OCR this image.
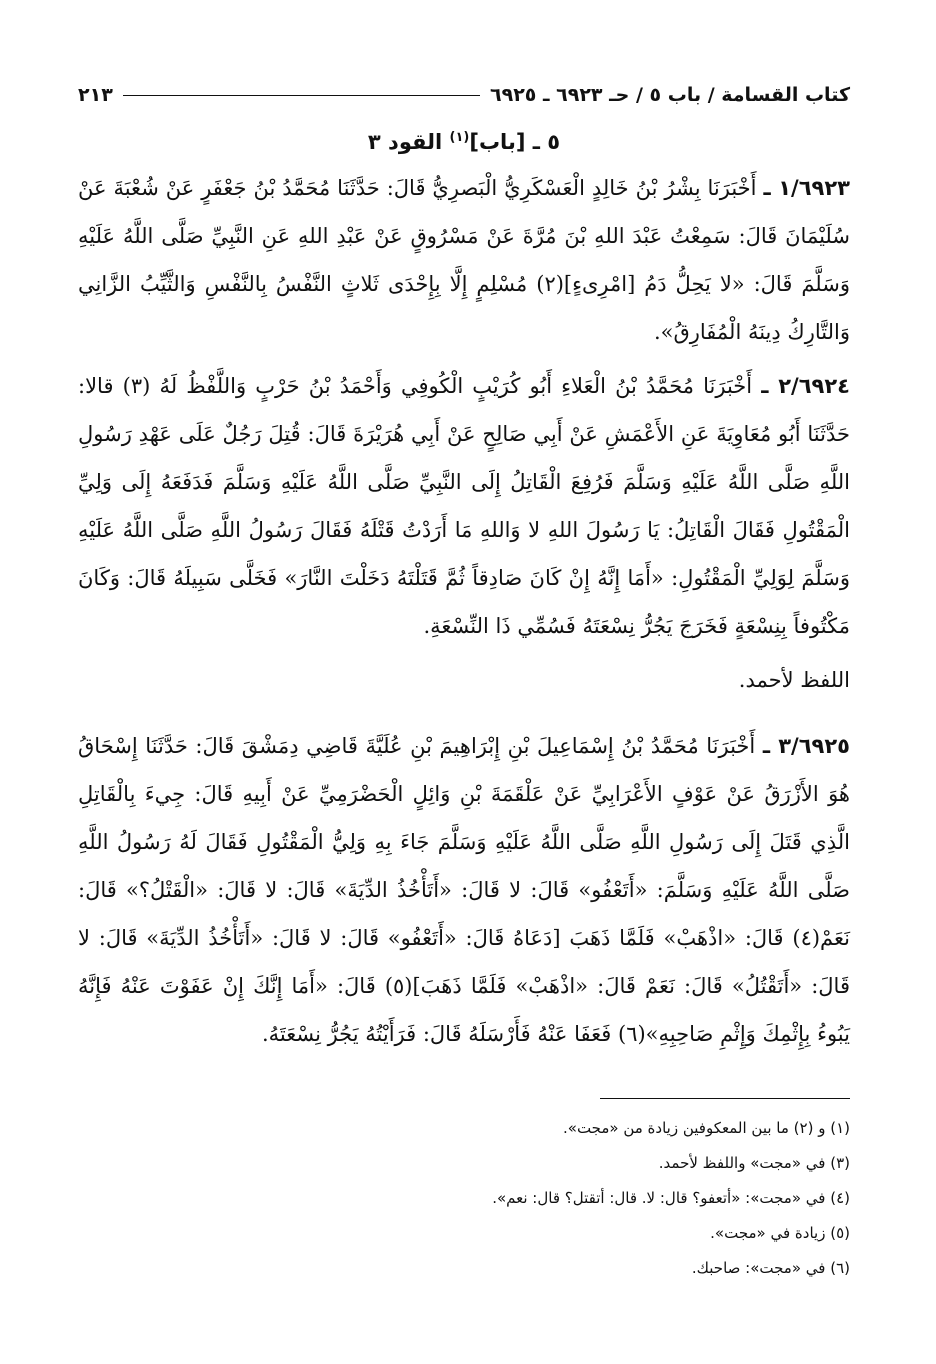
كتاب القسامة / باب ٥ / حـ ٦٩٢٣ ـ ٦٩٢٥
٢١٣
٥ ـ [باب]$^{(١)}$ القود ٣

١/٦٩٢٣ ـ أَخْبَرَنَا بِشْرُ بْنُ خَالِدٍ الْعَسْكَرِيُّ الْبَصرِيُّ قَالَ: حَدَّثَنَا مُحَمَّدُ بْنُ جَعْفَرٍ عَنْ شُعْبَةَ عَنْ سُلَيْمَانَ قَالَ: سَمِعْتُ عَبْدَ اللهِ بْنَ مُرَّةَ عَنْ مَسْرُوقٍ عَنْ عَبْدِ اللهِ عَنِ النَّبِيِّ صَلَّى اللَّهُ عَلَيْهِ وَسَلَّمَ قَالَ: «لا يَحِلُّ دَمُ [امْرِىءٍ](٢) مُسْلِمٍ إِلَّا بِإِحْدَى ثَلاثٍ النَّفْسُ بِالنَّفْسِ وَالثَّيِّبُ الزَّانِي وَالتَّارِكُ دِينَهُ الْمُفَارِقُ».

٢/٦٩٢٤ ـ أَخْبَرَنَا مُحَمَّدُ بْنُ الْعَلاءِ أَبُو كُرَيْبٍ الْكُوفِي وَأَحْمَدُ بْنُ حَرْبٍ وَاللَّفْظُ لَهُ (٣) قالا: حَدَّثَنَا أَبُو مُعَاوِيَةَ عَنِ الأَعْمَشِ عَنْ أَبِي صَالِحٍ عَنْ أَبِي هُرَيْرَةَ قَالَ: قُتِلَ رَجُلٌ عَلَى عَهْدِ رَسُولِ اللَّهِ صَلَّى اللَّهُ عَلَيْهِ وَسَلَّمَ فَرُفِعَ الْقَاتِلُ إِلَى النَّبِيِّ صَلَّى اللَّهُ عَلَيْهِ وَسَلَّمَ فَدَفَعَهُ إِلَى وَلِيِّ الْمَقْتُولِ فَقَالَ الْقَاتِلُ: يَا رَسُولَ اللهِ لا وَاللهِ مَا أَرَدْتُ قَتْلَهُ فَقَالَ رَسُولُ اللَّهِ صَلَّى اللَّهُ عَلَيْهِ وَسَلَّمَ لِوَلِيِّ الْمَقْتُولِ: «أَمَا إِنَّهُ إِنْ كَانَ صَادِقاً ثُمَّ قَتَلْتَهُ دَخَلْتَ النَّارَ» فَخَلَّى سَبِيلَهُ قَالَ: وَكَانَ مَكْتُوفاً بِنِسْعَةٍ فَخَرَجَ يَجُرُّ نِسْعَتَهُ فَسُمِّي ذَا النِّسْعَةِ.

اللفظ لأحمد.

٣/٦٩٢٥ ـ أَخْبَرَنَا مُحَمَّدُ بْنُ إِسْمَاعِيلَ بْنِ إِبْرَاهِيمَ بْنِ عُلَيَّةَ قَاضِي دِمَشْقَ قَالَ: حَدَّثَنَا إِسْحَاقُ هُوَ الأَزْرَقُ عَنْ عَوْفٍ الأَعْرَابِيِّ عَنْ عَلْقَمَةَ بْنِ وَائِلٍ الْحَضْرَمِيِّ عَنْ أَبِيهِ قَالَ: جِيءَ بِالْقَاتِلِ الَّذِي قَتَلَ إِلَى رَسُولِ اللَّهِ صَلَّى اللَّهُ عَلَيْهِ وَسَلَّمَ جَاءَ بِهِ وَلِيُّ الْمَقْتُولِ فَقَالَ لَهُ رَسُولُ اللَّهِ صَلَّى اللَّهُ عَلَيْهِ وَسَلَّمَ: «أَتَعْفُو» قَالَ: لا قَالَ: «أَتَأْخُذُ الدِّيَةَ» قَالَ: لا قَالَ: «الْقَتْلُ؟» قَالَ: نَعَمْ(٤) قَالَ: «اذْهَبْ» فَلَمَّا ذَهَبَ [دَعَاهُ قَالَ: «أَتَعْفُو» قَالَ: لا قَالَ: «أَتَأْخُذُ الدِّيَةَ» قَالَ: لا قَالَ: «أَتَقْتُلُ» قَالَ: نَعَمْ قَالَ: «اذْهَبْ» فَلَمَّا ذَهَبَ](٥) قَالَ: «أَمَا إِنَّكَ إِنْ عَفَوْتَ عَنْهُ فَإِنَّهُ يَبُوءُ بِإِثْمِكَ وَإِثْمِ صَاحِبِهِ»(٦) فَعَفَا عَنْهُ فَأَرْسَلَهُ قَالَ: فَرَأَيْتُهُ يَجُرُّ نِسْعَتَهُ.

(١) و (٢) ما بين المعكوفين زيادة من «مجت».
(٣) في «مجت» واللفظ لأحمد.
(٤) في «مجت»: «أتعفو؟ قال: لا. قال: أتقتل؟ قال: نعم».
(٥) زيادة في «مجت».
(٦) في «مجت»: صاحبك.
